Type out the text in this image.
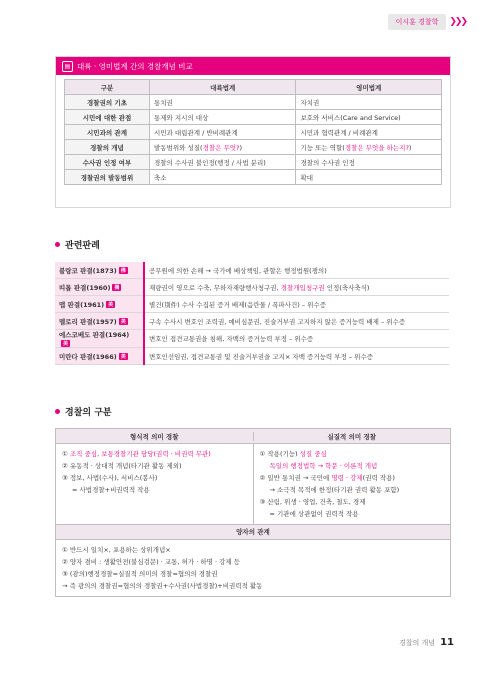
이시훈 경찰학	❯❯❯
▤ 대륙 · 영미법계 간의 경찰개념 비교
구분	대륙법계	영미법계
경찰권의 기초	통치권	자치권
시민에 대한 관점	통제와 지시의 대상	보호와 서비스(Care and Service)
시민과의 관계	시민과 대립관계 / 반비례관계	시민과 협력관계 / 비례관계
경찰의 개념	발동범위와 성질(경찰은 무엇?)	기능 또는 역할(경찰은 무엇을 하는지?)
수사권 인정 여부	경찰의 수사권 불인정(행정 / 사법 분리)	경찰의 수사권 인정
경찰권의 발동범위	축소	확대
관련판례
블랑코 판결(1873) 佛	공무원에 의한 손해 → 국가에 배상책임, 관할은 행정법원(쟁의)
띠톱 판결(1960) 獨	재량권이 영으로 수축, 무하자재량행사청구권, 경찰개입청구권 인정(축사축식)
맵 판결(1961) 美	별건(別件) 수사 수집된 증거 배제(음란물 / 폭파사건) – 위수증
멜로리 판결(1957) 美	구속 수사시 변호인 조력권, 예비심문권, 진술거부권 고지하지 않은 증거능력 배제 – 위수증
에스코베도 판결(1964)美	변호인 접견교통권을 침해, 자백의 증거능력 부정 – 위수증
미란다 판결(1966) 美	변호인선임권, 접견교통권 및 진술거부권을 고지× 자백 증거능력 부정 – 위수증
경찰의 구분
형식적 의미 경찰	실질적 의미 경찰
① 조직 중심, 보통경찰기관 담당(권력 · 비권력 무관)
② 유동적 · 상대적 개념(타기관 활동 제외)
③ 정보, 사법(수사), 서비스(봉사)
= 사법경찰+비권력적 작용
① 작용(기능) 성질 중심
독일의 행정법학 → 학문 · 이론적 개념
② 일반 통치권 → 국민에 명령 · 강제(권력 작용)
→ 소극적 목적에 한정(타기관 권력 활동 포함)
③ 산림, 위생 · 영업, 건축, 철도, 경제
= 기관에 상관없이 권력적 작용
양자의 관계
① 반드시 일치×, 포용하는 상위개념×
② 양자 겸비 : 생활안전(불심검문) · 교통, 허가 · 하명 · 강제 등
③ (광의)행정경찰=실질적 의미의 경찰=협의의 경찰권
→ 즉 광의의 경찰권=협의의 경찰권+수사권(사법경찰)+비권력적 활동
경찰의 개념 11
